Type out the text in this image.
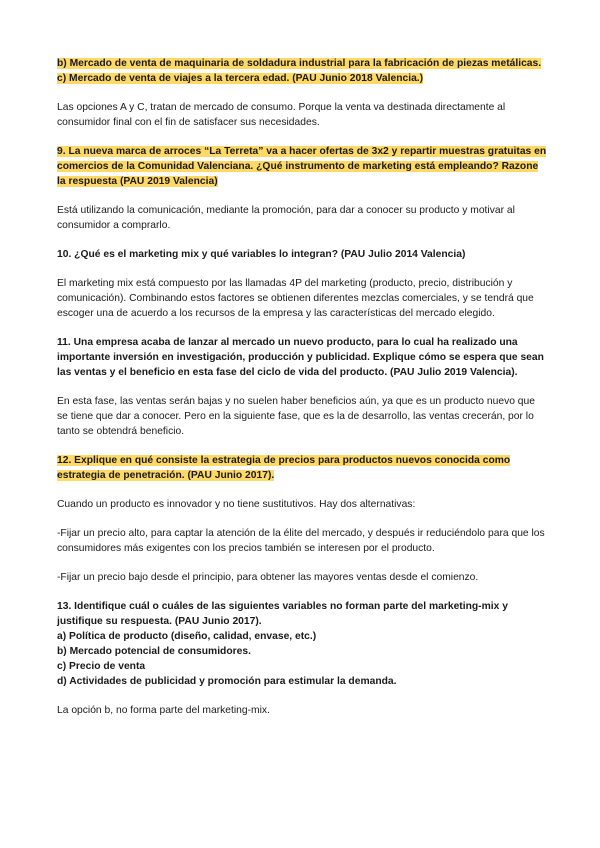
b) Mercado de venta de maquinaria de soldadura industrial para la fabricación de piezas metálicas.

c) Mercado de venta de viajes a la tercera edad. (PAU Junio 2018 Valencia.)

Las opciones A y C, tratan de mercado de consumo. Porque la venta va destinada directamente al consumidor final con el fin de satisfacer sus necesidades.

9. La nueva marca de arroces “La Terreta” va a hacer ofertas de 3x2 y repartir muestras gratuitas en comercios de la Comunidad Valenciana. ¿Qué instrumento de marketing está empleando? Razone la respuesta (PAU 2019 Valencia)

Está utilizando la comunicación, mediante la promoción, para dar a conocer su producto y motivar al consumidor a comprarlo.

10. ¿Qué es el marketing mix y qué variables lo integran? (PAU Julio 2014 Valencia)

El marketing mix está compuesto por las llamadas 4P del marketing (producto, precio, distribución y comunicación). Combinando estos factores se obtienen diferentes mezclas comerciales, y se tendrá que escoger una de acuerdo a los recursos de la empresa y las características del mercado elegido.

11. Una empresa acaba de lanzar al mercado un nuevo producto, para lo cual ha realizado una importante inversión en investigación, producción y publicidad. Explique cómo se espera que sean las ventas y el beneficio en esta fase del ciclo de vida del producto. (PAU Julio 2019 Valencia).

En esta fase, las ventas serán bajas y no suelen haber beneficios aún, ya que es un producto nuevo que se tiene que dar a conocer. Pero en la siguiente fase, que es la de desarrollo, las ventas crecerán, por lo tanto se obtendrá beneficio.

12. Explique en qué consiste la estrategia de precios para productos nuevos conocida como estrategia de penetración. (PAU Junio 2017).

Cuando un producto es innovador y no tiene sustitutivos. Hay dos alternativas:

-Fijar un precio alto, para captar la atención de la élite del mercado, y después ir reduciéndolo para que los consumidores más exigentes con los precios también se interesen por el producto.

-Fijar un precio bajo desde el principio, para obtener las mayores ventas desde el comienzo.

13. Identifique cuál o cuáles de las siguientes variables no forman parte del marketing-mix y justifique su respuesta. (PAU Junio 2017).

a) Política de producto (diseño, calidad, envase, etc.)

b) Mercado potencial de consumidores.

c) Precio de venta

d) Actividades de publicidad y promoción para estimular la demanda.

La opción b, no forma parte del marketing-mix.
